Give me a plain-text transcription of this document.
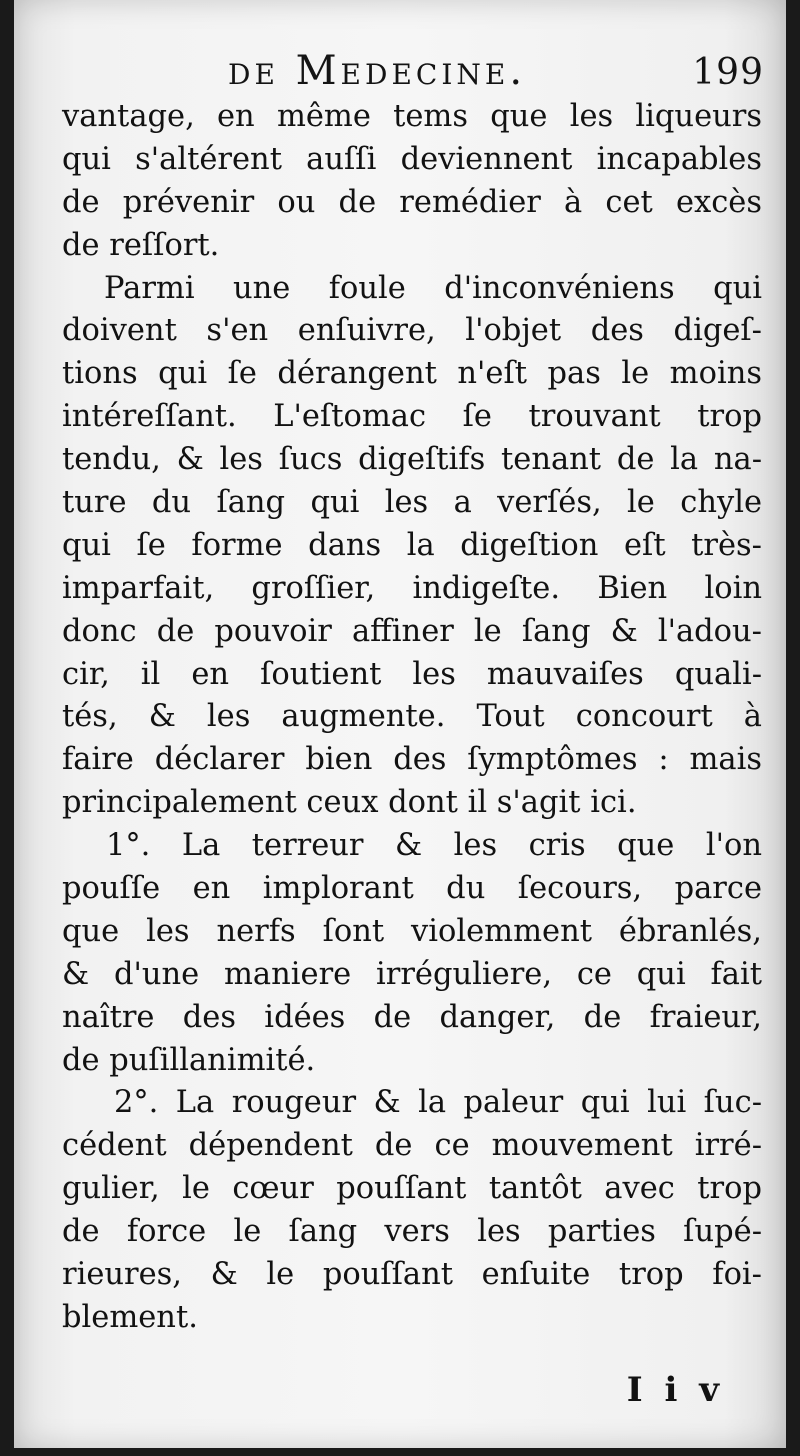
de Medecine.	199
vantage, en même tems que les liqueurs
qui s'altérent auſſi deviennent incapables
de prévenir ou de remédier à cet excès
de reſſort.
Parmi une foule d'inconvéniens qui
doivent s'en enſuivre, l'objet des digeſ-
tions qui ſe dérangent n'eſt pas le moins
intéreſſant. L'eſtomac ſe trouvant trop
tendu, & les ſucs digeſtifs tenant de la na-
ture du ſang qui les a verſés, le chyle
qui ſe forme dans la digeſtion eſt très-
imparfait, groſſier, indigeſte. Bien loin
donc de pouvoir affiner le ſang & l'adou-
cir, il en ſoutient les mauvaiſes quali-
tés, & les augmente. Tout concourt à
faire déclarer bien des ſymptômes : mais
principalement ceux dont il s'agit ici.
1°. La terreur & les cris que l'on
pouſſe en implorant du ſecours, parce
que les nerfs ſont violemment ébranlés,
& d'une maniere irréguliere, ce qui fait
naître des idées de danger, de fraieur,
de puſillanimité.
2°. La rougeur & la paleur qui lui ſuc-
cédent dépendent de ce mouvement irré-
gulier, le cœur pouſſant tantôt avec trop
de force le ſang vers les parties ſupé-
rieures, & le pouſſant enſuite trop foi-
blement.
I i v
